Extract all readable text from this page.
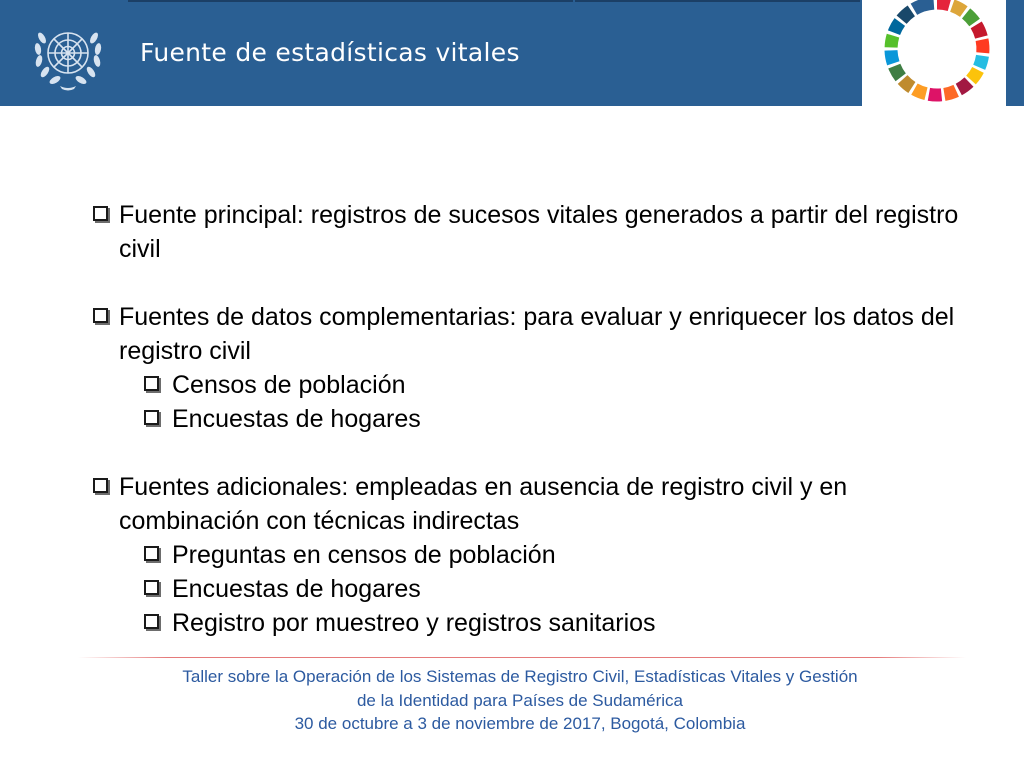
Fuente de estadísticas vitales
Fuente principal: registros de sucesos vitales generados a partir del registro civil
Fuentes de datos complementarias: para evaluar y enriquecer los datos del registro civil
Censos de población
Encuestas de hogares
Fuentes adicionales: empleadas en ausencia de registro civil y en combinación con técnicas indirectas
Preguntas en censos de población
Encuestas de hogares
Registro por muestreo y registros sanitarios
Taller sobre la Operación de los Sistemas de Registro Civil, Estadísticas Vitales y Gestión
de la Identidad para Países de Sudamérica
30 de octubre a 3 de noviembre de 2017, Bogotá, Colombia
